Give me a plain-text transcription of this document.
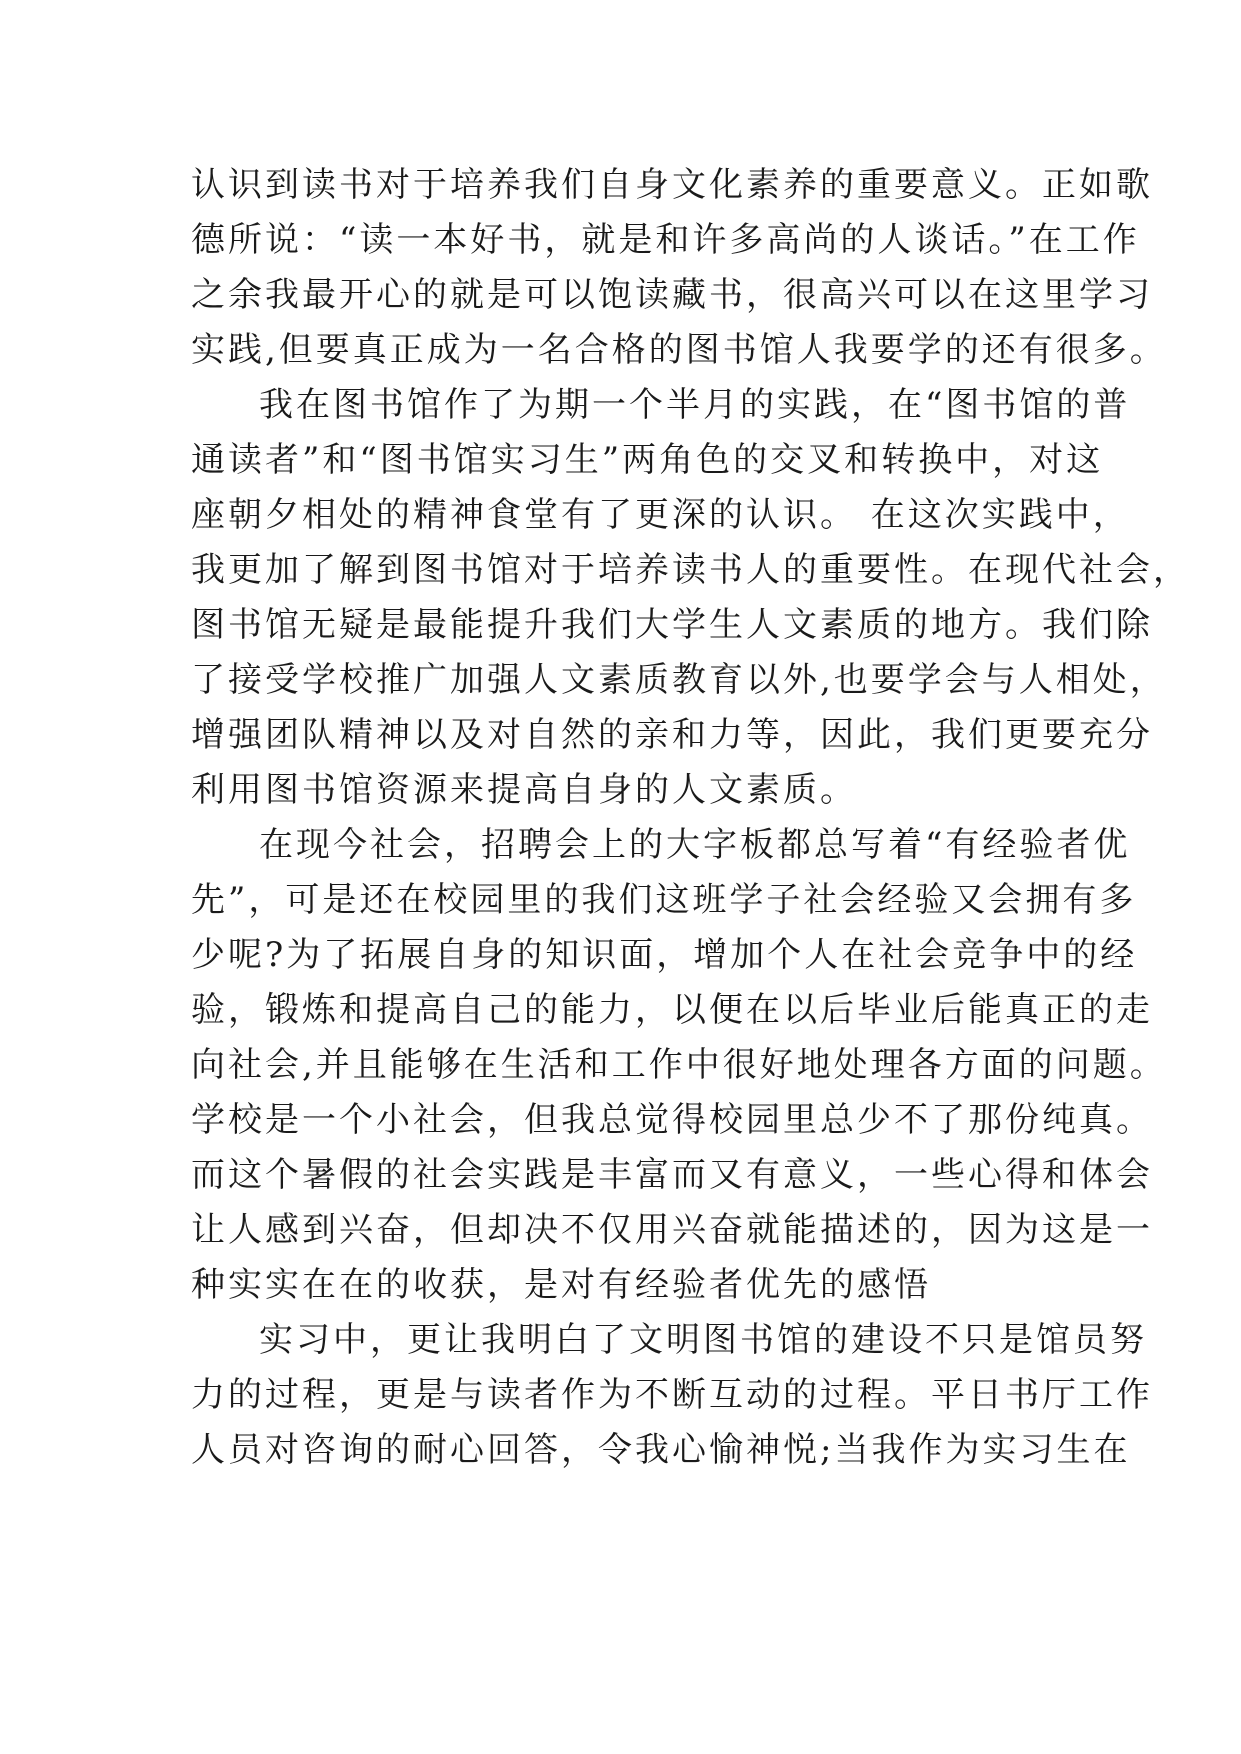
认识到读书对于培养我们自身文化素养的重要意义。正如歌
德所说：“读一本好书，就是和许多高尚的人谈话。”在工作
之余我最开心的就是可以饱读藏书，很高兴可以在这里学习
实践,但要真正成为一名合格的图书馆人我要学的还有很多。
我在图书馆作了为期一个半月的实践，在“图书馆的普
通读者”和“图书馆实习生”两角色的交叉和转换中，对这
座朝夕相处的精神食堂有了更深的认识。 在这次实践中，
我更加了解到图书馆对于培养读书人的重要性。在现代社会，
图书馆无疑是最能提升我们大学生人文素质的地方。我们除
了接受学校推广加强人文素质教育以外,也要学会与人相处，
增强团队精神以及对自然的亲和力等，因此，我们更要充分
利用图书馆资源来提高自身的人文素质。
在现今社会，招聘会上的大字板都总写着“有经验者优
先”，可是还在校园里的我们这班学子社会经验又会拥有多
少呢?为了拓展自身的知识面，增加个人在社会竞争中的经
验，锻炼和提高自己的能力，以便在以后毕业后能真正的走
向社会,并且能够在生活和工作中很好地处理各方面的问题。
学校是一个小社会，但我总觉得校园里总少不了那份纯真。
而这个暑假的社会实践是丰富而又有意义，一些心得和体会
让人感到兴奋，但却决不仅用兴奋就能描述的，因为这是一
种实实在在的收获，是对有经验者优先的感悟
实习中，更让我明白了文明图书馆的建设不只是馆员努
力的过程，更是与读者作为不断互动的过程。平日书厅工作
人员对咨询的耐心回答，令我心愉神悦;当我作为实习生在
